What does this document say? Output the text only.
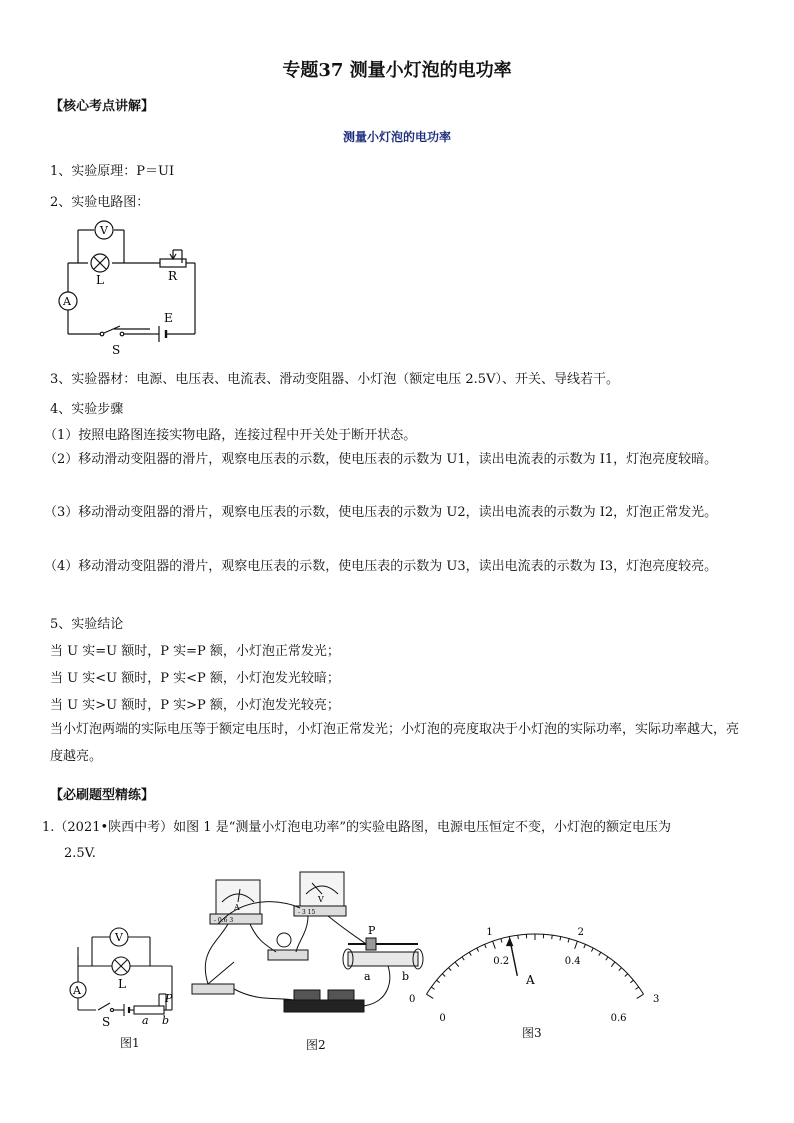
专题37 测量小灯泡的电功率
【核心考点讲解】
测量小灯泡的电功率
1、实验原理：P＝UI
2、实验电路图：
V
A
L	R
E
S
3、实验器材：电源、电压表、电流表、滑动变阻器、小灯泡（额定电压 2.5V）、开关、导线若干。
4、实验步骤
（1）按照电路图连接实物电路，连接过程中开关处于断开状态。
（2）移动滑动变阻器的滑片，观察电压表的示数，使电压表的示数为 U1，读出电流表的示数为 I1，灯泡亮度较暗。
（3）移动滑动变阻器的滑片，观察电压表的示数，使电压表的示数为 U2，读出电流表的示数为 I2，灯泡正常发光。
（4）移动滑动变阻器的滑片，观察电压表的示数，使电压表的示数为 U3，读出电流表的示数为 I3，灯泡亮度较亮。
5、实验结论
当 U 实=U 额时，P 实=P 额，小灯泡正常发光；
当 U 实<U 额时，P 实<P 额，小灯泡发光较暗；
当 U 实>U 额时，P 实>P 额，小灯泡发光较亮；
当小灯泡两端的实际电压等于额定电压时，小灯泡正常发光；小灯泡的亮度取决于小灯泡的实际功率，实际功率越大，亮度越亮。
【必刷题型精练】
1.（2021•陕西中考）如图 1 是“测量小灯泡电功率”的实验电路图，电源电压恒定不变，小灯泡的额定电压为
2.5V.
V
A	L
S
P
a b
图1
A
V
- 0.6 3
- 3 15
P
a	b
图2
0
1	2
3
0
0.2	0.4
0.6
A
图3
